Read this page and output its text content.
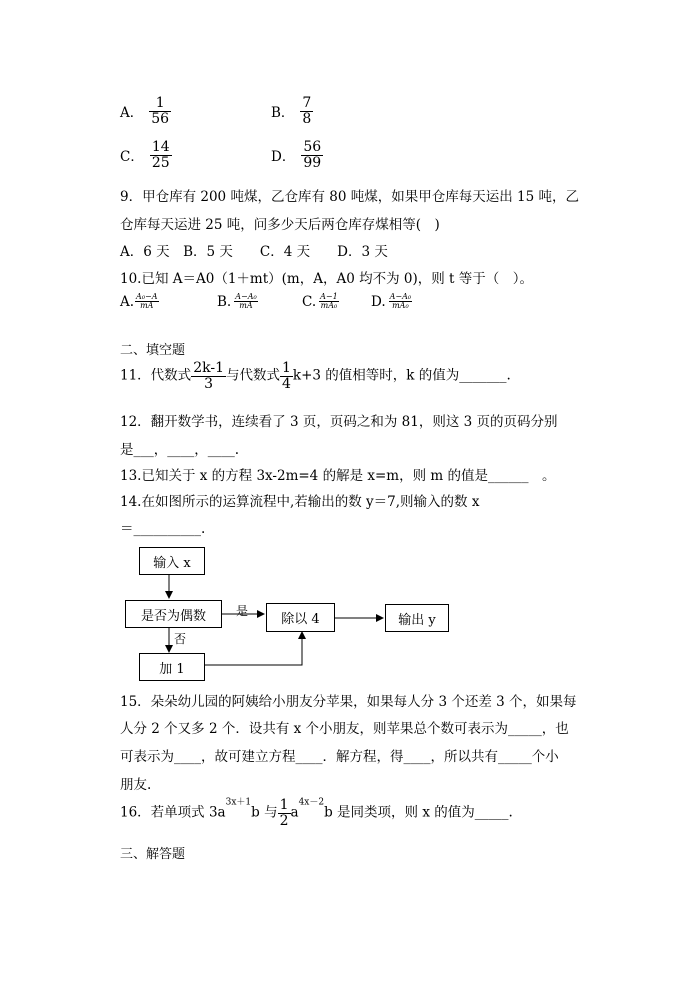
A． $\frac{1}{56}$	B． $\frac{7}{8}$
C． $\frac{14}{25}$	D． $\frac{56}{99}$
9．甲仓库有 200 吨煤，乙仓库有 80 吨煤，如果甲仓库每天运出 15 吨，乙
仓库每天运进 25 吨，问多少天后两仓库存煤相等(　)
A．6 天　B．5 天　　C．4 天　　D．3 天
10.已知 A＝A0（1＋mt）(m，A，A0 均不为 0)，则 t 等于（　）。
A. $\frac{\text{A₀−A}}{mA}$	B. $\frac{\text{A−A₀}}{mA}$	C. $\frac{A-1}{\text{mA₀}} D$. $\frac{\text{A−A₀}}{\text{mA₀}}$
二、填空题
11．代数式 $\frac{2k-1}{3}$ 与代数式 $\frac{1}{4} k+3$ 的值相等时，k 的值为_______.
12．翻开数学书，连续看了 3 页，页码之和为 81，则这 3 页的页码分别
是___，____，____.
13.已知关于 x 的方程 3x-2m=4 的解是 x=m，则 m 的值是______　。
14.在如图所示的运算流程中,若输出的数 y＝7,则输入的数 x
＝__________.
输入 x
是否为偶数	是
否
除以 4	输出 y
加 1
15．朵朵幼儿园的阿姨给小朋友分苹果，如果每人分 3 个还差 3 个，如果每
人分 2 个又多 2 个．设共有 x 个小朋友，则苹果总个数可表示为_____，也
可表示为____，故可建立方程____．解方程，得____，所以共有_____个小
朋友.
16．若单项式 $3a^{3x+1}b$ 与 $\frac{1}{2} a^{4x-2}b$ 是同类项，则 x 的值为_____.
三、解答题
